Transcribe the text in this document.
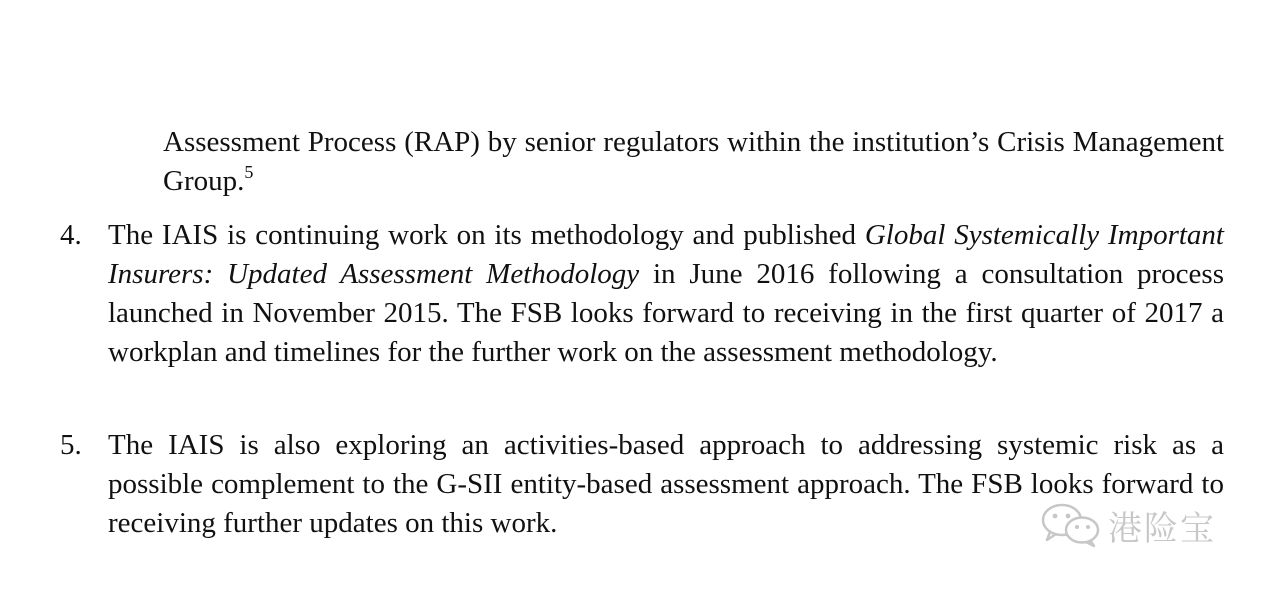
Assessment Process (RAP) by senior regulators within the institution’s Crisis Management Group.$^5$
4. The IAIS is continuing work on its methodology and published Global Systemically Important Insurers: Updated Assessment Methodology in June 2016 following a consultation process launched in November 2015. The FSB looks forward to receiving in the first quarter of 2017 a workplan and timelines for the further work on the assessment methodology.
5. The IAIS is also exploring an activities-based approach to addressing systemic risk as a possible complement to the G-SII entity-based assessment approach. The FSB looks forward to receiving further updates on this work.	港险宝
